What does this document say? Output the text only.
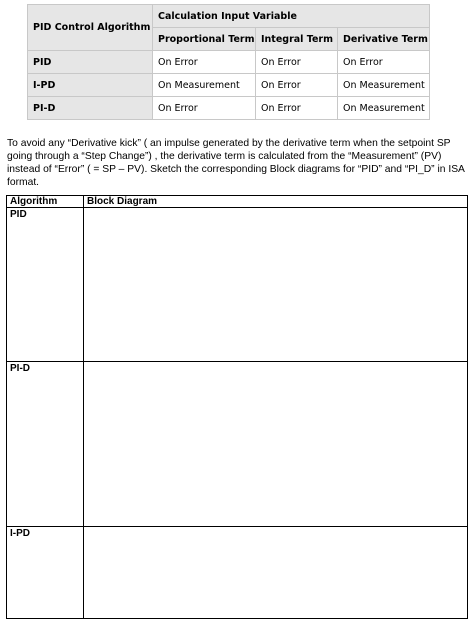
PID Control Algorithm	Calculation Input Variable		
	Proportional Term	Integral Term	Derivative Term
PID	On Error	On Error	On Error
I-PD	On Measurement	On Error	On Measurement
PI-D	On Error	On Error	On Measurement

To avoid any “Derivative kick” ( an impulse generated by the derivative term when the setpoint SP going through a “Step Change”) , the derivative term is calculated from the “Measurement” (PV) instead of “Error” ( = SP – PV). Sketch the corresponding Block diagrams for “PID” and “PI_D” in ISA format.

Algorithm	Block Diagram
PID	
PI-D	
I-PD	
